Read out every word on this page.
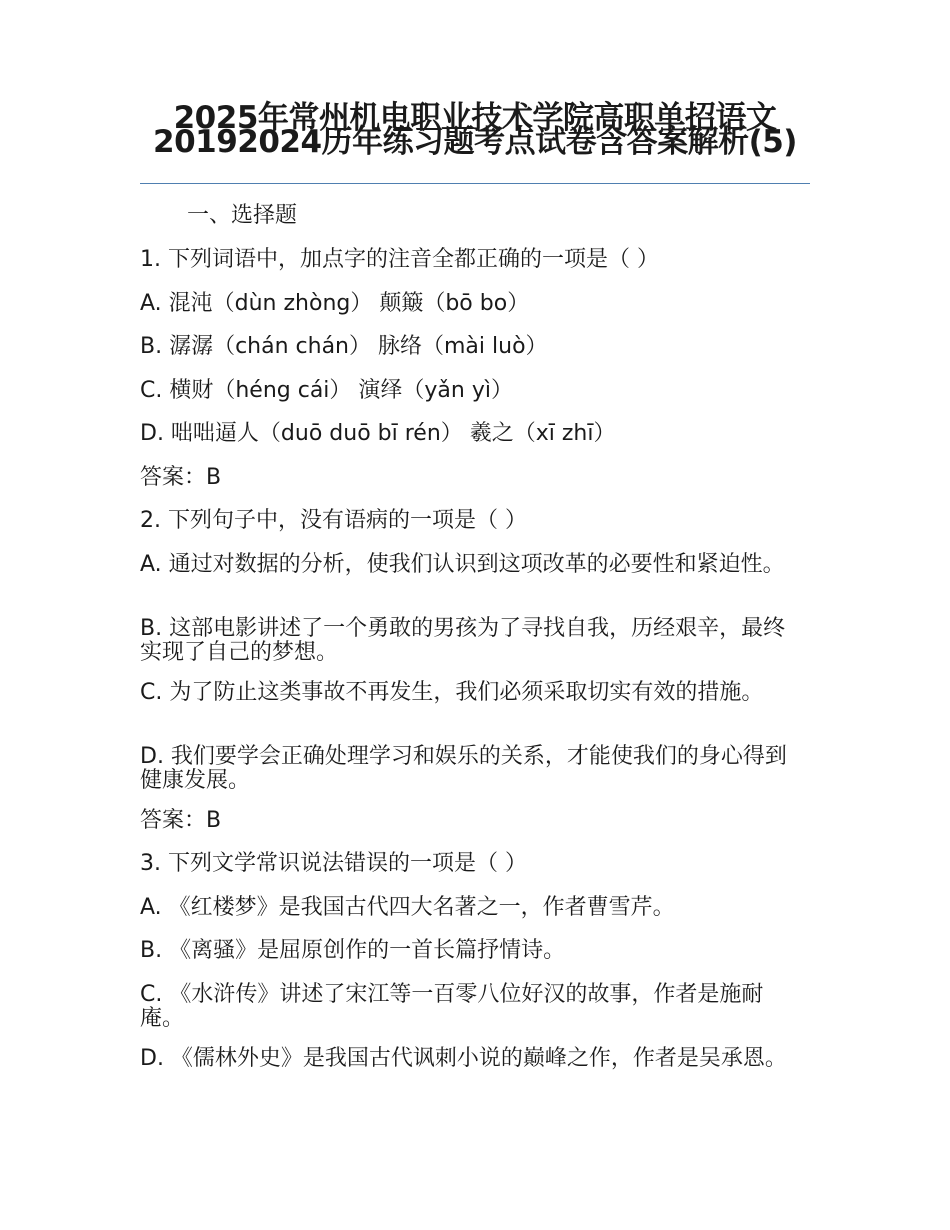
2025年常州机电职业技术学院高职单招语文20192024历年练习题考点试卷含答案解析(5)
一、选择题
1. 下列词语中，加点字的注音全都正确的一项是（ ）
A. 混沌（dùn zhòng） 颠簸（bō bo）
B. 潺潺（chán chán） 脉络（mài luò）
C. 横财（héng cái） 演绎（yǎn yì）
D. 咄咄逼人（duō duō bī rén） 羲之（xī zhī）
答案：B
2. 下列句子中，没有语病的一项是（ ）
A. 通过对数据的分析，使我们认识到这项改革的必要性和紧迫性。
B. 这部电影讲述了一个勇敢的男孩为了寻找自我，历经艰辛，最终实现了自己的梦想。
C. 为了防止这类事故不再发生，我们必须采取切实有效的措施。
D. 我们要学会正确处理学习和娱乐的关系，才能使我们的身心得到健康发展。
答案：B
3. 下列文学常识说法错误的一项是（ ）
A. 《红楼梦》是我国古代四大名著之一，作者曹雪芹。
B. 《离骚》是屈原创作的一首长篇抒情诗。
C. 《水浒传》讲述了宋江等一百零八位好汉的故事，作者是施耐庵。
D. 《儒林外史》是我国古代讽刺小说的巅峰之作，作者是吴承恩。
